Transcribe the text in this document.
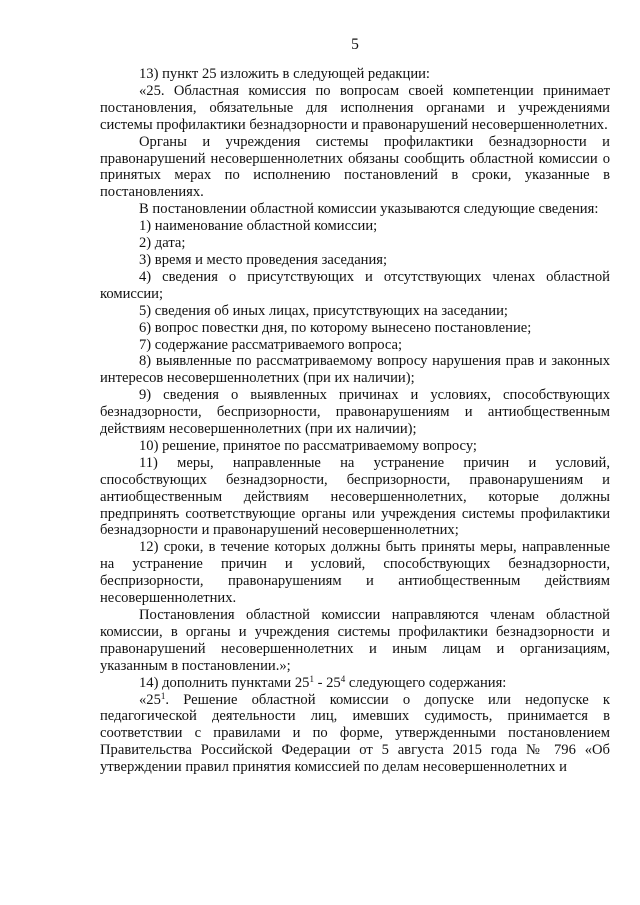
5

13) пункт 25 изложить в следующей редакции:

«25. Областная комиссия по вопросам своей компетенции принимает постановления, обязательные для исполнения органами и учреждениями системы профилактики безнадзорности и правонарушений несовершеннолетних.

Органы и учреждения системы профилактики безнадзорности и правонарушений несовершеннолетних обязаны сообщить областной комиссии о принятых мерах по исполнению постановлений в сроки, указанные в постановлениях.

В постановлении областной комиссии указываются следующие сведения:

1) наименование областной комиссии;

2) дата;

3) время и место проведения заседания;

4) сведения о присутствующих и отсутствующих членах областной комиссии;

5) сведения об иных лицах, присутствующих на заседании;

6) вопрос повестки дня, по которому вынесено постановление;

7) содержание рассматриваемого вопроса;

8) выявленные по рассматриваемому вопросу нарушения прав и законных интересов несовершеннолетних (при их наличии);

9) сведения о выявленных причинах и условиях, способствующих безнадзорности, беспризорности, правонарушениям и антиобщественным действиям несовершеннолетних (при их наличии);

10) решение, принятое по рассматриваемому вопросу;

11) меры, направленные на устранение причин и условий, способствующих безнадзорности, беспризорности, правонарушениям и антиобщественным действиям несовершеннолетних, которые должны предпринять соответствующие органы или учреждения системы профилактики безнадзорности и правонарушений несовершеннолетних;

12) сроки, в течение которых должны быть приняты меры, направленные на устранение причин и условий, способствующих безнадзорности, беспризорности, правонарушениям и антиобщественным действиям несовершеннолетних.

Постановления областной комиссии направляются членам областной комиссии, в органы и учреждения системы профилактики безнадзорности и правонарушений несовершеннолетних и иным лицам и организациям, указанным в постановлении.»;

14) дополнить пунктами $25^1 - 25^4$ следующего содержания:

«$25^1$. Решение областной комиссии о допуске или недопуске к педагогической деятельности лиц, имевших судимость, принимается в соответствии с правилами и по форме, утвержденными постановлением Правительства Российской Федерации от 5 августа 2015 года № 796 «Об утверждении правил принятия комиссией по делам несовершеннолетних и
